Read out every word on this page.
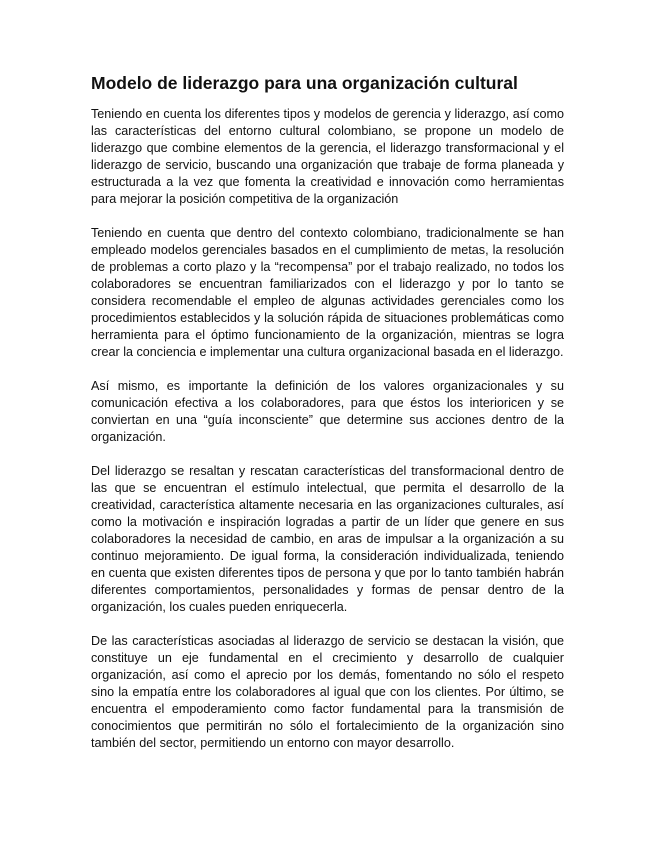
Modelo de liderazgo para una organización cultural

Teniendo en cuenta los diferentes tipos y modelos de gerencia y liderazgo, así como las características del entorno cultural colombiano, se propone un modelo de liderazgo que combine elementos de la gerencia, el liderazgo transformacional y el liderazgo de servicio, buscando una organización que trabaje de forma planeada y estructurada a la vez que fomenta la creatividad e innovación como herramientas para mejorar la posición competitiva de la organización

Teniendo en cuenta que dentro del contexto colombiano, tradicionalmente se han empleado modelos gerenciales basados en el cumplimiento de metas, la resolución de problemas a corto plazo y la “recompensa” por el trabajo realizado, no todos los colaboradores se encuentran familiarizados con el liderazgo y por lo tanto se considera recomendable el empleo de algunas actividades gerenciales como los procedimientos establecidos y la solución rápida de situaciones problemáticas como herramienta para el óptimo funcionamiento de la organización, mientras se logra crear la conciencia e implementar una cultura organizacional basada en el liderazgo.

Así mismo, es importante la definición de los valores organizacionales y su comunicación efectiva a los colaboradores, para que éstos los interioricen y se conviertan en una “guía inconsciente” que determine sus acciones dentro de la organización.

Del liderazgo se resaltan y rescatan características del transformacional dentro de las que se encuentran el estímulo intelectual, que permita el desarrollo de la creatividad, característica altamente necesaria en las organizaciones culturales, así como la motivación e inspiración logradas a partir de un líder que genere en sus colaboradores la necesidad de cambio, en aras de impulsar a la organización a su continuo mejoramiento. De igual forma, la consideración individualizada, teniendo en cuenta que existen diferentes tipos de persona y que por lo tanto también habrán diferentes comportamientos, personalidades y formas de pensar dentro de la organización, los cuales pueden enriquecerla.

De las características asociadas al liderazgo de servicio se destacan la visión, que constituye un eje fundamental en el crecimiento y desarrollo de cualquier organización, así como el aprecio por los demás, fomentando no sólo el respeto sino la empatía entre los colaboradores al igual que con los clientes. Por último, se encuentra el empoderamiento como factor fundamental para la transmisión de conocimientos que permitirán no sólo el fortalecimiento de la organización sino también del sector, permitiendo un entorno con mayor desarrollo.
